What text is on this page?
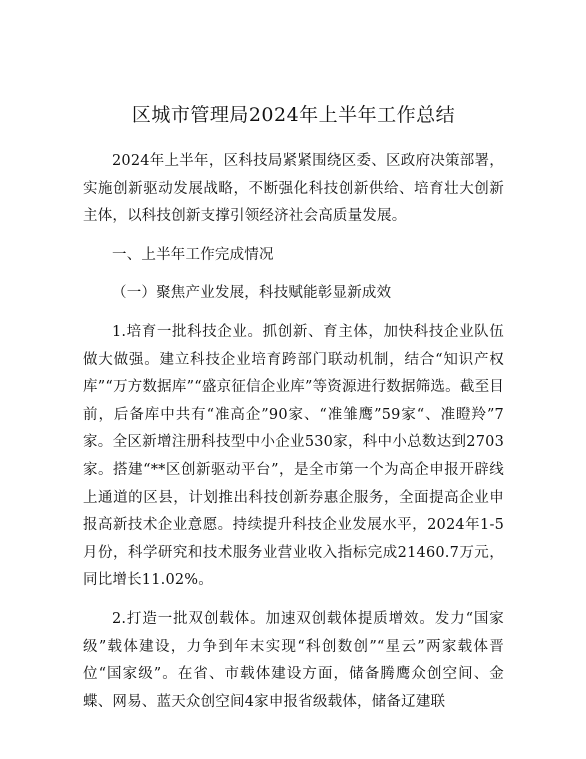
区城市管理局2024年上半年工作总结

2024年上半年，区科技局紧紧围绕区委、区政府决策部署，实施创新驱动发展战略，不断强化科技创新供给、培育壮大创新主体，以科技创新支撑引领经济社会高质量发展。

一、上半年工作完成情况

（一）聚焦产业发展，科技赋能彰显新成效

1.培育一批科技企业。抓创新、育主体，加快科技企业队伍做大做强。建立科技企业培育跨部门联动机制，结合“知识产权库”“万方数据库”“盛京征信企业库”等资源进行数据筛选。截至目前，后备库中共有“准高企”90家、“准雏鹰”59家“、准瞪羚”7家。全区新增注册科技型中小企业530家，科中小总数达到2703家。搭建“**区创新驱动平台”，是全市第一个为高企申报开辟线上通道的区县，计划推出科技创新券惠企服务，全面提高企业申报高新技术企业意愿。持续提升科技企业发展水平，2024年1-5月份，科学研究和技术服务业营业收入指标完成21460.7万元，同比增长11.02%。

2.打造一批双创载体。加速双创载体提质增效。发力“国家级”载体建设，力争到年末实现“科创数创”“星云”两家载体晋位“国家级”。在省、市载体建设方面，储备腾鹰众创空间、金蝶、网易、蓝天众创空间4家申报省级载体，储备辽建联
